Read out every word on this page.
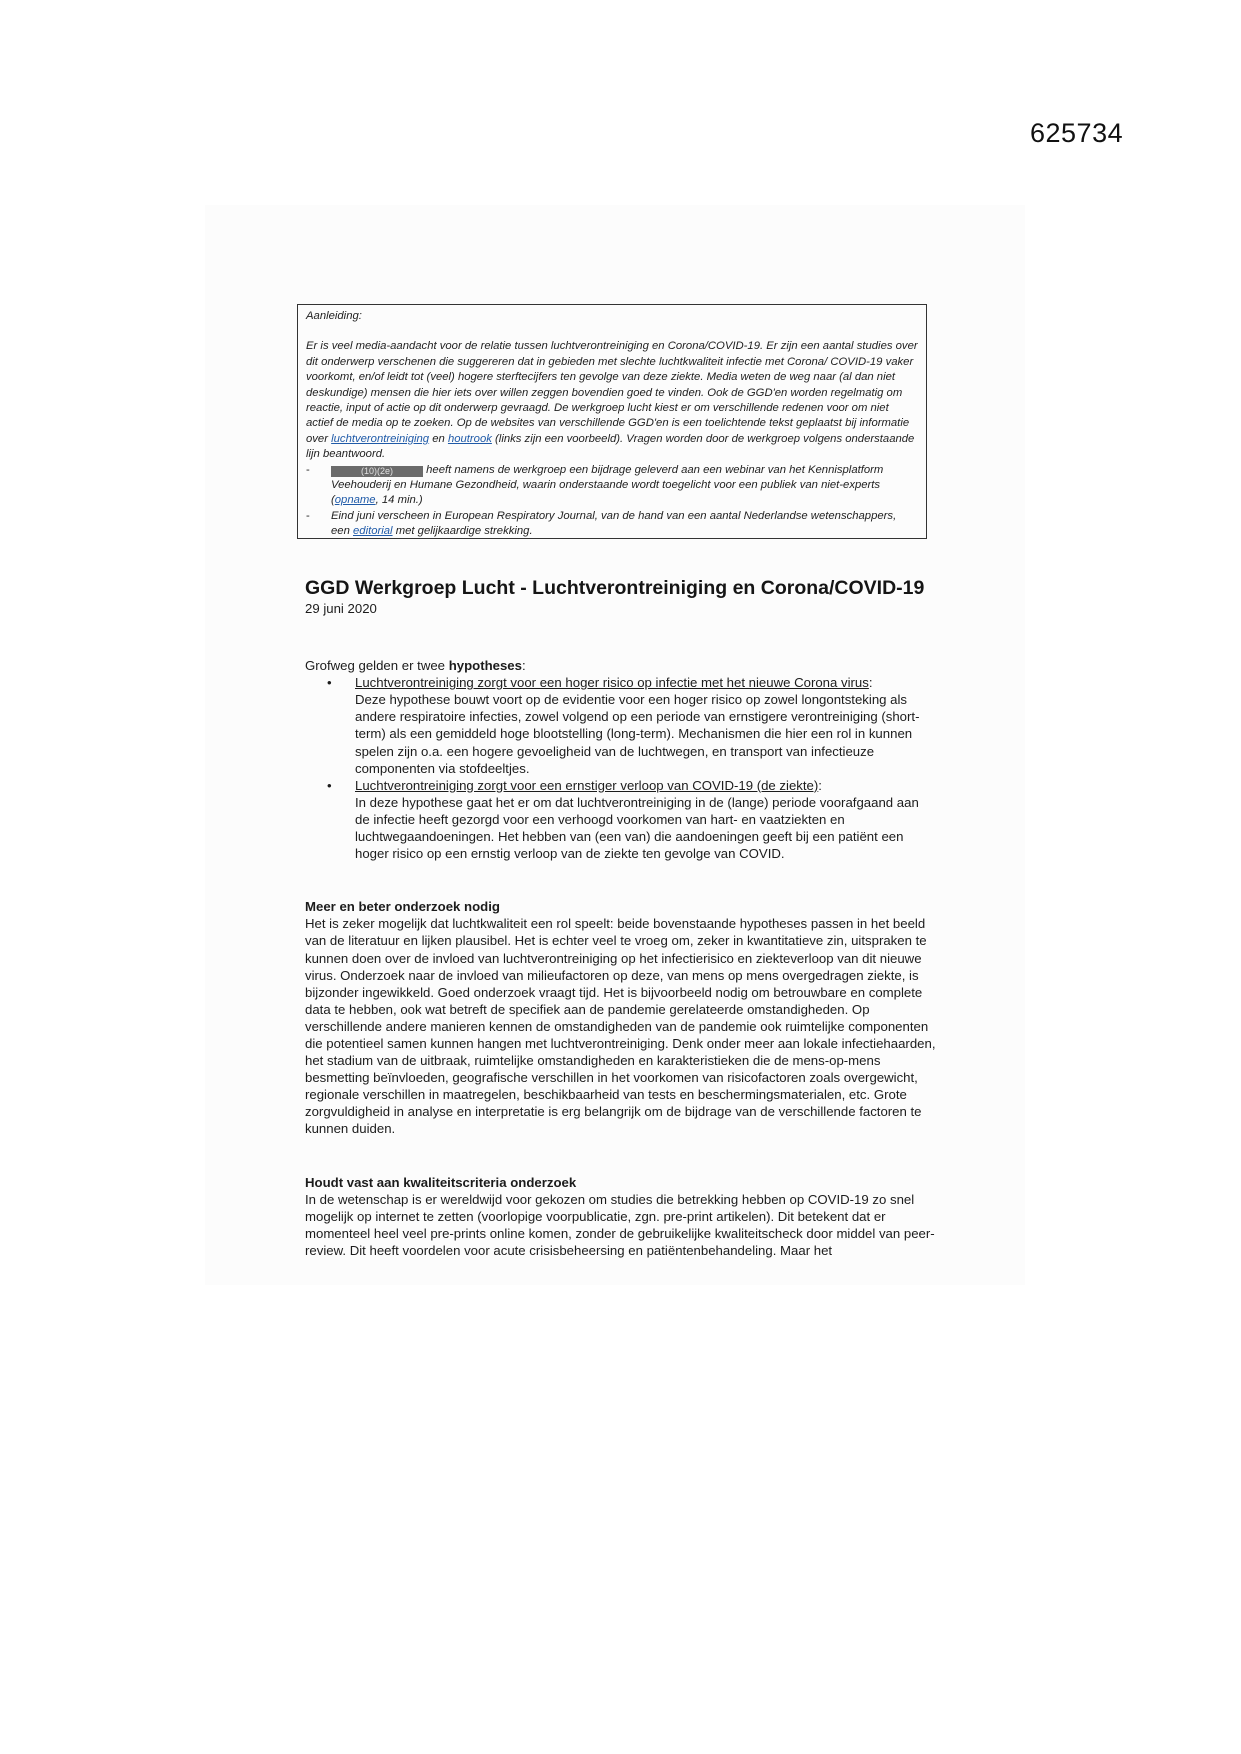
625734

Aanleiding:

Er is veel media-aandacht voor de relatie tussen luchtverontreiniging en Corona/COVID-19. Er zijn een aantal studies over dit onderwerp verschenen die suggereren dat in gebieden met slechte luchtkwaliteit infectie met Corona/ COVID-19 vaker voorkomt, en/of leidt tot (veel) hogere sterftecijfers ten gevolge van deze ziekte. Media weten de weg naar (al dan niet deskundige) mensen die hier iets over willen zeggen bovendien goed te vinden. Ook de GGD'en worden regelmatig om reactie, input of actie op dit onderwerp gevraagd. De werkgroep lucht kiest er om verschillende redenen voor om niet actief de media op te zoeken. Op de websites van verschillende GGD'en is een toelichtende tekst geplaatst bij informatie over luchtverontreiniging en houtrook (links zijn een voorbeeld). Vragen worden door de werkgroep volgens onderstaande lijn beantwoord.

-	(10)(2e)	heeft namens de werkgroep een bijdrage geleverd aan een webinar van het Kennisplatform Veehouderij en Humane Gezondheid, waarin onderstaande wordt toegelicht voor een publiek van niet-experts (opname, 14 min.)
-	Eind juni verscheen in European Respiratory Journal, van de hand van een aantal Nederlandse wetenschappers, een editorial met gelijkaardige strekking.
GGD Werkgroep Lucht - Luchtverontreiniging en Corona/COVID-19

29 juni 2020

Grofweg gelden er twee hypotheses:

•	Luchtverontreiniging zorgt voor een hoger risico op infectie met het nieuwe Corona virus:
Deze hypothese bouwt voort op de evidentie voor een hoger risico op zowel longontsteking als andere respiratoire infecties, zowel volgend op een periode van ernstigere verontreiniging (short-term) als een gemiddeld hoge blootstelling (long-term). Mechanismen die hier een rol in kunnen spelen zijn o.a. een hogere gevoeligheid van de luchtwegen, en transport van infectieuze componenten via stofdeeltjes.
•	Luchtverontreiniging zorgt voor een ernstiger verloop van COVID-19 (de ziekte):
In deze hypothese gaat het er om dat luchtverontreiniging in de (lange) periode voorafgaand aan de infectie heeft gezorgd voor een verhoogd voorkomen van hart- en vaatziekten en luchtwegaandoeningen. Het hebben van (een van) die aandoeningen geeft bij een patiënt een hoger risico op een ernstig verloop van de ziekte ten gevolge van COVID.

Meer en beter onderzoek nodig

Het is zeker mogelijk dat luchtkwaliteit een rol speelt: beide bovenstaande hypotheses passen in het beeld van de literatuur en lijken plausibel. Het is echter veel te vroeg om, zeker in kwantitatieve zin, uitspraken te kunnen doen over de invloed van luchtverontreiniging op het infectierisico en ziekteverloop van dit nieuwe virus. Onderzoek naar de invloed van milieufactoren op deze, van mens op mens overgedragen ziekte, is bijzonder ingewikkeld. Goed onderzoek vraagt tijd. Het is bijvoorbeeld nodig om betrouwbare en complete data te hebben, ook wat betreft de specifiek aan de pandemie gerelateerde omstandigheden. Op verschillende andere manieren kennen de omstandigheden van de pandemie ook ruimtelijke componenten die potentieel samen kunnen hangen met luchtverontreiniging. Denk onder meer aan lokale infectiehaarden, het stadium van de uitbraak, ruimtelijke omstandigheden en karakteristieken die de mens-op-mens besmetting beïnvloeden, geografische verschillen in het voorkomen van risicofactoren zoals overgewicht, regionale verschillen in maatregelen, beschikbaarheid van tests en beschermingsmaterialen, etc. Grote zorgvuldigheid in analyse en interpretatie is erg belangrijk om de bijdrage van de verschillende factoren te kunnen duiden.

Houdt vast aan kwaliteitscriteria onderzoek

In de wetenschap is er wereldwijd voor gekozen om studies die betrekking hebben op COVID-19 zo snel mogelijk op internet te zetten (voorlopige voorpublicatie, zgn. pre-print artikelen). Dit betekent dat er momenteel heel veel pre-prints online komen, zonder de gebruikelijke kwaliteitscheck door middel van peer-review. Dit heeft voordelen voor acute crisisbeheersing en patiëntenbehandeling. Maar het
